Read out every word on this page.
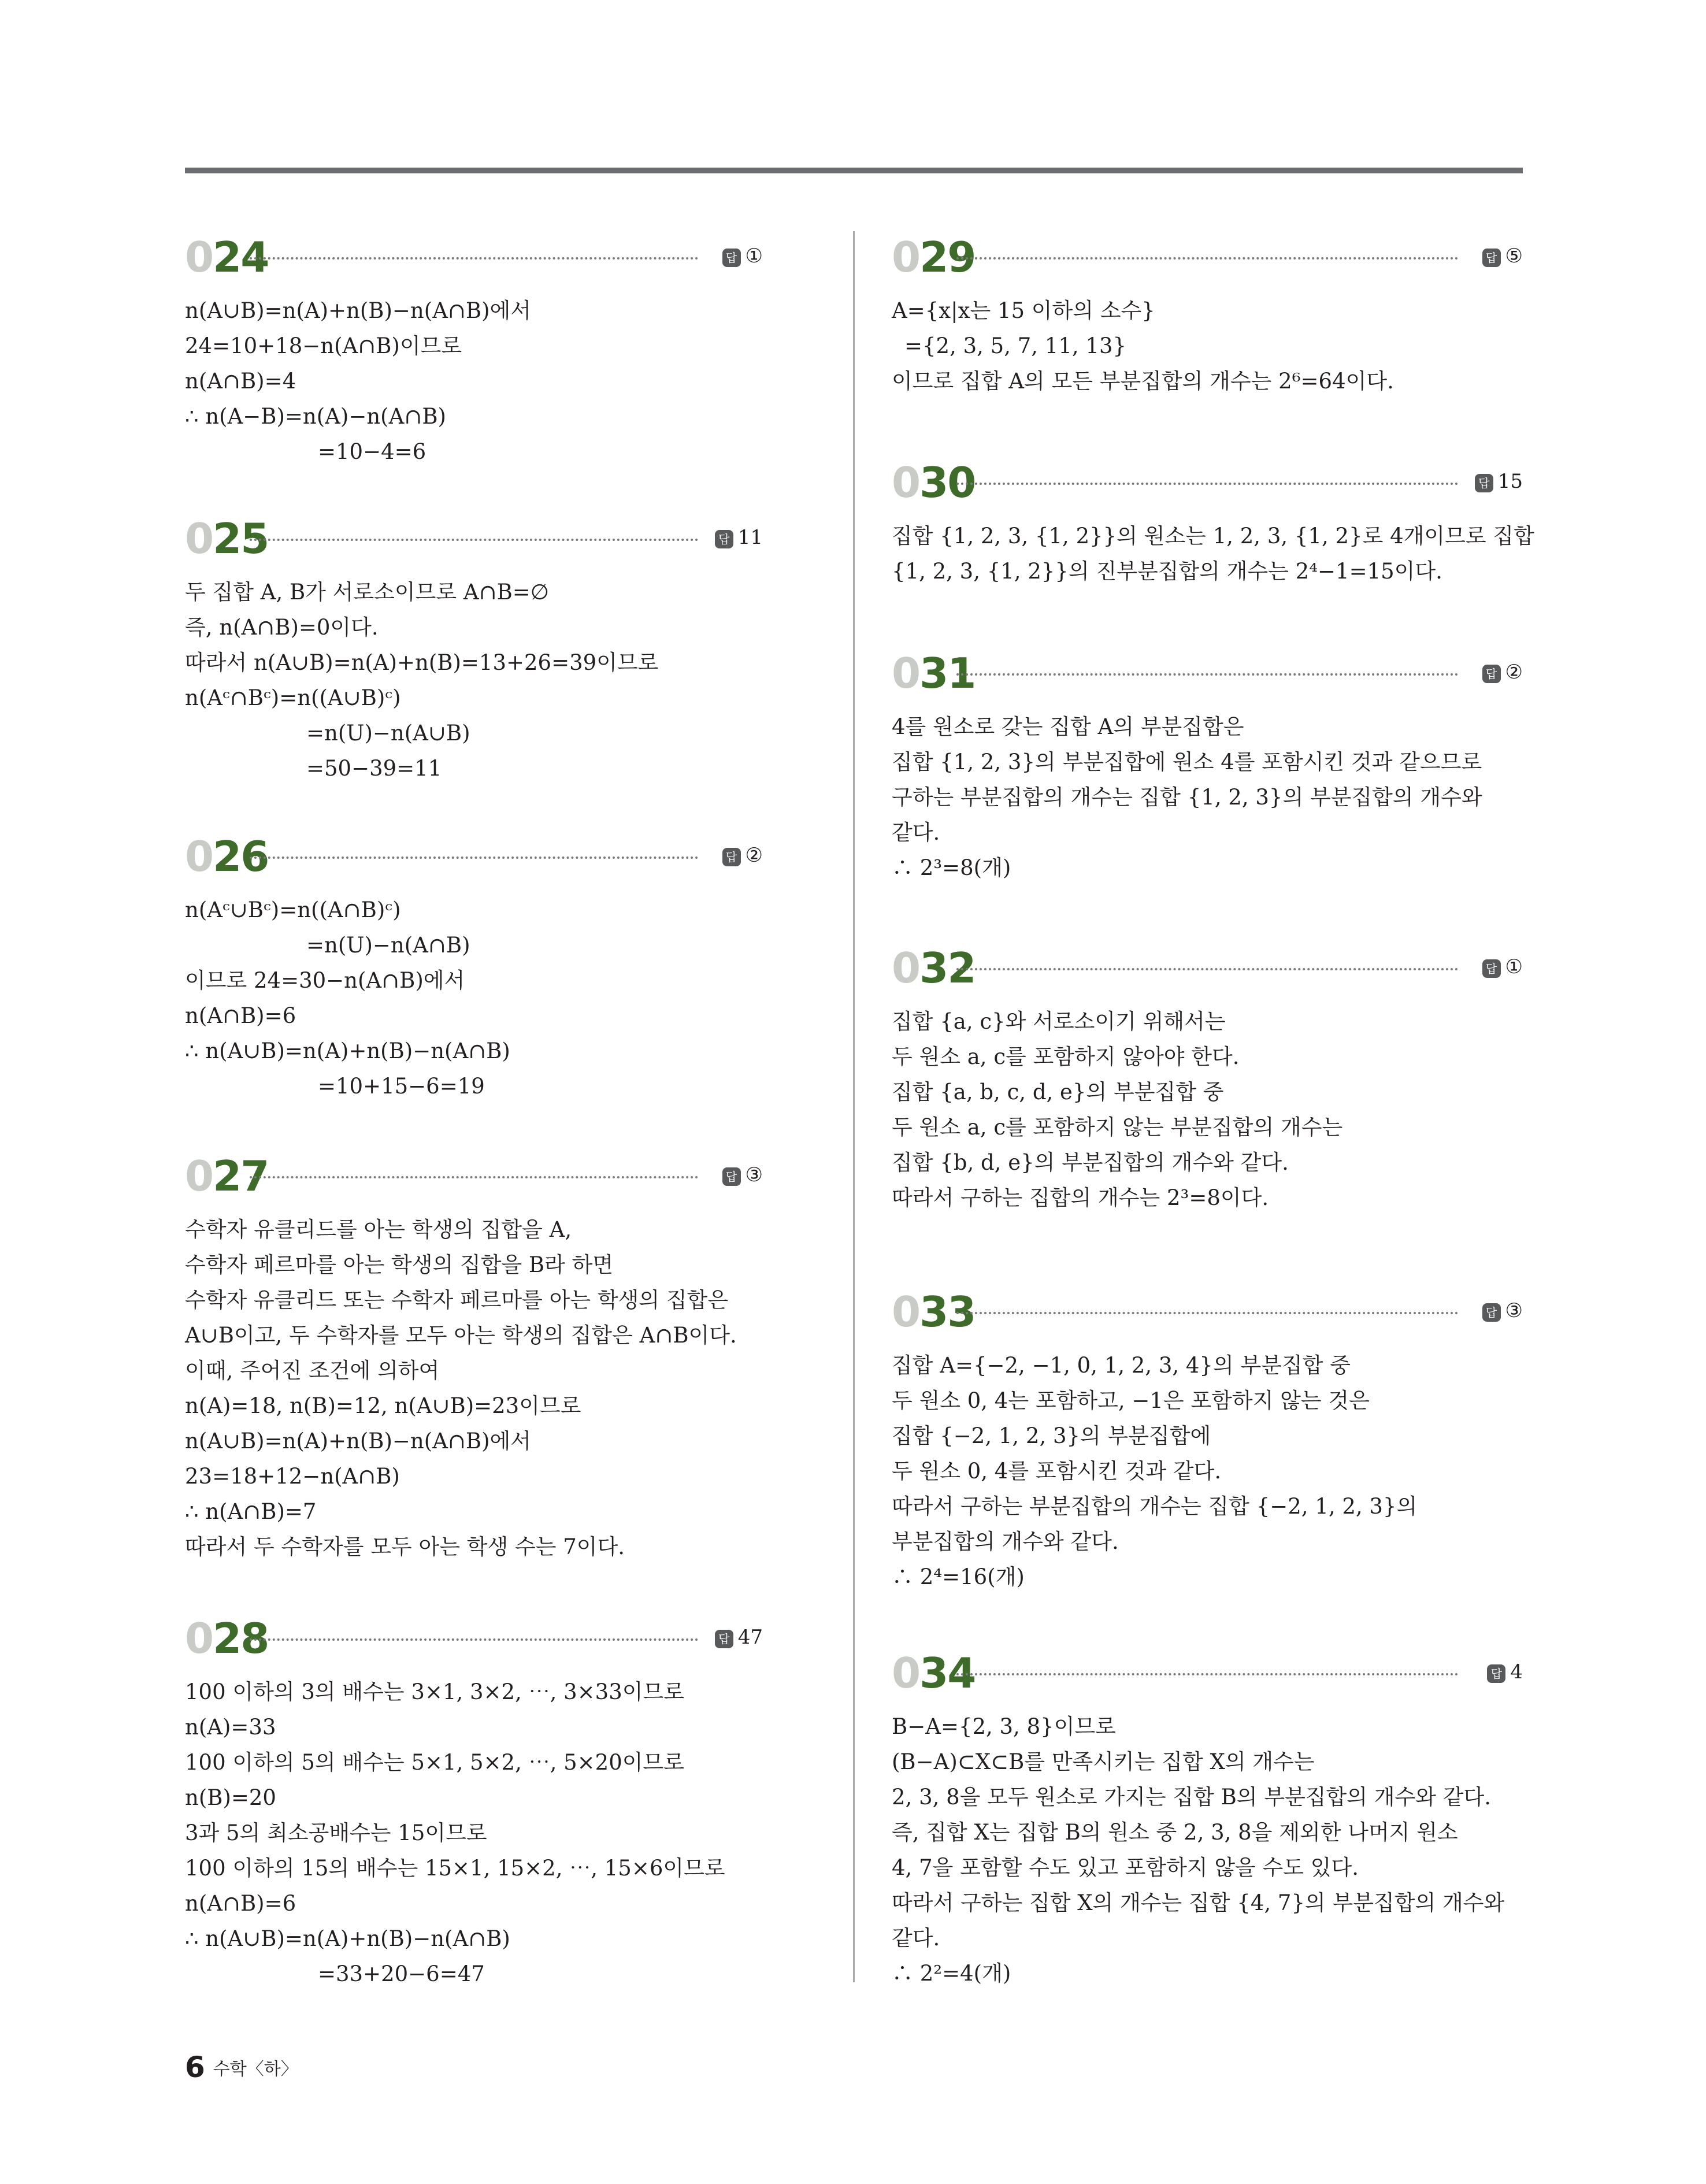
024	답 ①
n(A∪B)=n(A)+n(B)−n(A∩B)에서
24=10+18−n(A∩B)이므로
n(A∩B)=4
∴ n(A−B)=n(A)−n(A∩B)
=10−4=6
025	답 11
두 집합 A, B가 서로소이므로 A∩B=∅
즉, n(A∩B)=0이다.
따라서 n(A∪B)=n(A)+n(B)=13+26=39이므로
n(Aᶜ∩Bᶜ)=n((A∪B)ᶜ)
=n(U)−n(A∪B)
=50−39=11
026	답 ②
n(Aᶜ∪Bᶜ)=n((A∩B)ᶜ)
=n(U)−n(A∩B)
이므로 24=30−n(A∩B)에서
n(A∩B)=6
∴ n(A∪B)=n(A)+n(B)−n(A∩B)
=10+15−6=19
027	답 ③
수학자 유클리드를 아는 학생의 집합을 A,
수학자 페르마를 아는 학생의 집합을 B라 하면
수학자 유클리드 또는 수학자 페르마를 아는 학생의 집합은
A∪B이고, 두 수학자를 모두 아는 학생의 집합은 A∩B이다.
이때, 주어진 조건에 의하여
n(A)=18, n(B)=12, n(A∪B)=23이므로
n(A∪B)=n(A)+n(B)−n(A∩B)에서
23=18+12−n(A∩B)
∴ n(A∩B)=7
따라서 두 수학자를 모두 아는 학생 수는 7이다.
028	답 47
100 이하의 3의 배수는 3×1, 3×2, ⋯, 3×33이므로
n(A)=33
100 이하의 5의 배수는 5×1, 5×2, ⋯, 5×20이므로
n(B)=20
3과 5의 최소공배수는 15이므로
100 이하의 15의 배수는 15×1, 15×2, ⋯, 15×6이므로
n(A∩B)=6
∴ n(A∪B)=n(A)+n(B)−n(A∩B)
=33+20−6=47
029	답 ⑤
A={x|x는 15 이하의 소수}
={2, 3, 5, 7, 11, 13}
이므로 집합 A의 모든 부분집합의 개수는 2⁶=64이다.
030	답 15
집합 {1, 2, 3, {1, 2}}의 원소는 1, 2, 3, {1, 2}로 4개이므로 집합
{1, 2, 3, {1, 2}}의 진부분집합의 개수는 2⁴−1=15이다.
031	답 ②
4를 원소로 갖는 집합 A의 부분집합은
집합 {1, 2, 3}의 부분집합에 원소 4를 포함시킨 것과 같으므로
구하는 부분집합의 개수는 집합 {1, 2, 3}의 부분집합의 개수와
같다.
∴ 2³=8(개)
032	답 ①
집합 {a, c}와 서로소이기 위해서는
두 원소 a, c를 포함하지 않아야 한다.
집합 {a, b, c, d, e}의 부분집합 중
두 원소 a, c를 포함하지 않는 부분집합의 개수는
집합 {b, d, e}의 부분집합의 개수와 같다.
따라서 구하는 집합의 개수는 2³=8이다.
033	답 ③
집합 A={−2, −1, 0, 1, 2, 3, 4}의 부분집합 중
두 원소 0, 4는 포함하고, −1은 포함하지 않는 것은
집합 {−2, 1, 2, 3}의 부분집합에
두 원소 0, 4를 포함시킨 것과 같다.
따라서 구하는 부분집합의 개수는 집합 {−2, 1, 2, 3}의
부분집합의 개수와 같다.
∴ 2⁴=16(개)
034	답 4
B−A={2, 3, 8}이므로
(B−A)⊂X⊂B를 만족시키는 집합 X의 개수는
2, 3, 8을 모두 원소로 가지는 집합 B의 부분집합의 개수와 같다.
즉, 집합 X는 집합 B의 원소 중 2, 3, 8을 제외한 나머지 원소
4, 7을 포함할 수도 있고 포함하지 않을 수도 있다.
따라서 구하는 집합 X의 개수는 집합 {4, 7}의 부분집합의 개수와
같다.
∴ 2²=4(개)
6 수학〈하〉
